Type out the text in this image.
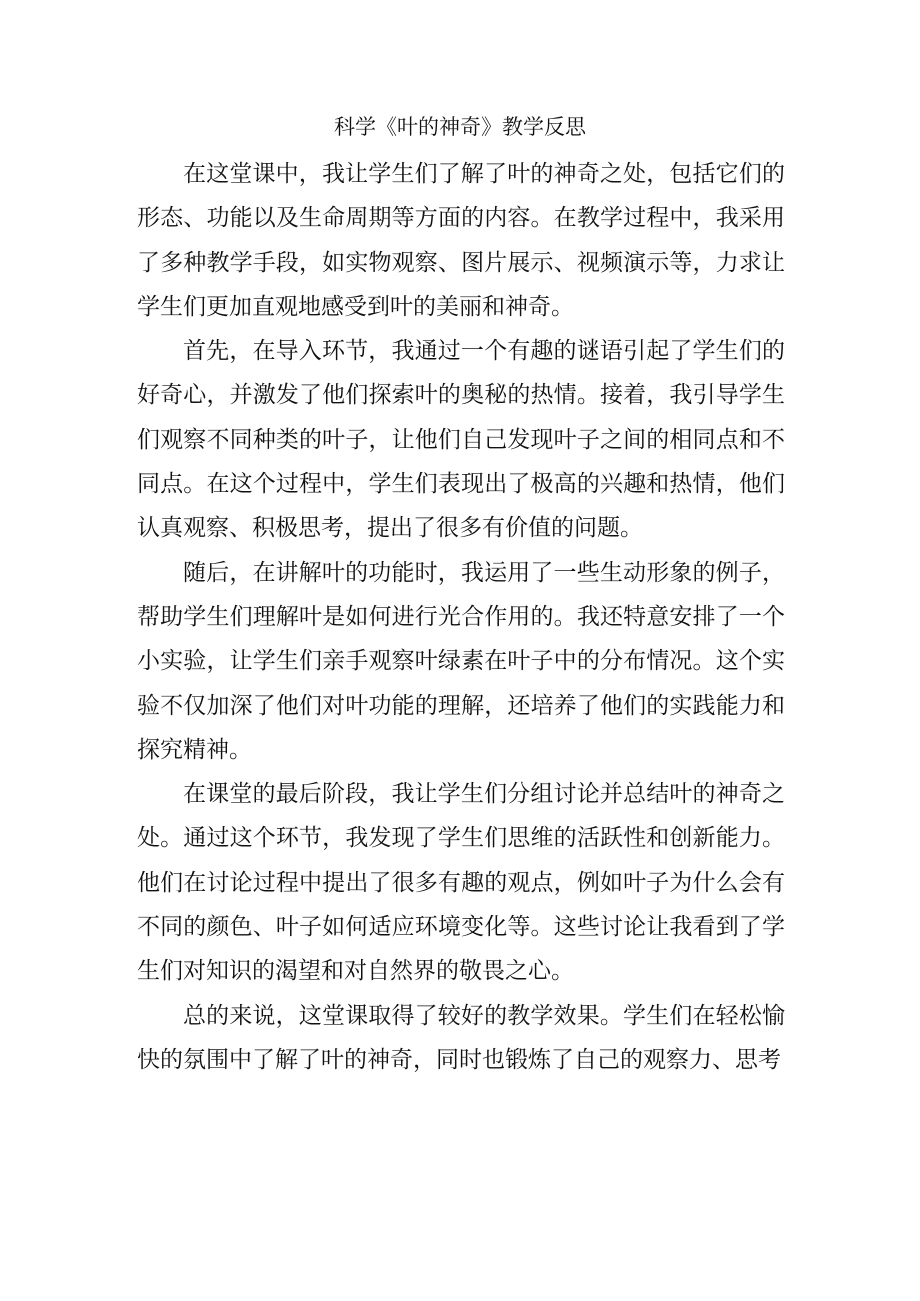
科学《叶的神奇》教学反思

在这堂课中，我让学生们了解了叶的神奇之处，包括它们的形态、功能以及生命周期等方面的内容。在教学过程中，我采用了多种教学手段，如实物观察、图片展示、视频演示等，力求让学生们更加直观地感受到叶的美丽和神奇。

首先，在导入环节，我通过一个有趣的谜语引起了学生们的好奇心，并激发了他们探索叶的奥秘的热情。接着，我引导学生们观察不同种类的叶子，让他们自己发现叶子之间的相同点和不同点。在这个过程中，学生们表现出了极高的兴趣和热情，他们认真观察、积极思考，提出了很多有价值的问题。

随后，在讲解叶的功能时，我运用了一些生动形象的例子，帮助学生们理解叶是如何进行光合作用的。我还特意安排了一个小实验，让学生们亲手观察叶绿素在叶子中的分布情况。这个实验不仅加深了他们对叶功能的理解，还培养了他们的实践能力和探究精神。

在课堂的最后阶段，我让学生们分组讨论并总结叶的神奇之处。通过这个环节，我发现了学生们思维的活跃性和创新能力。他们在讨论过程中提出了很多有趣的观点，例如叶子为什么会有不同的颜色、叶子如何适应环境变化等。这些讨论让我看到了学生们对知识的渴望和对自然界的敬畏之心。

总的来说，这堂课取得了较好的教学效果。学生们在轻松愉快的氛围中了解了叶的神奇，同时也锻炼了自己的观察力、思考
